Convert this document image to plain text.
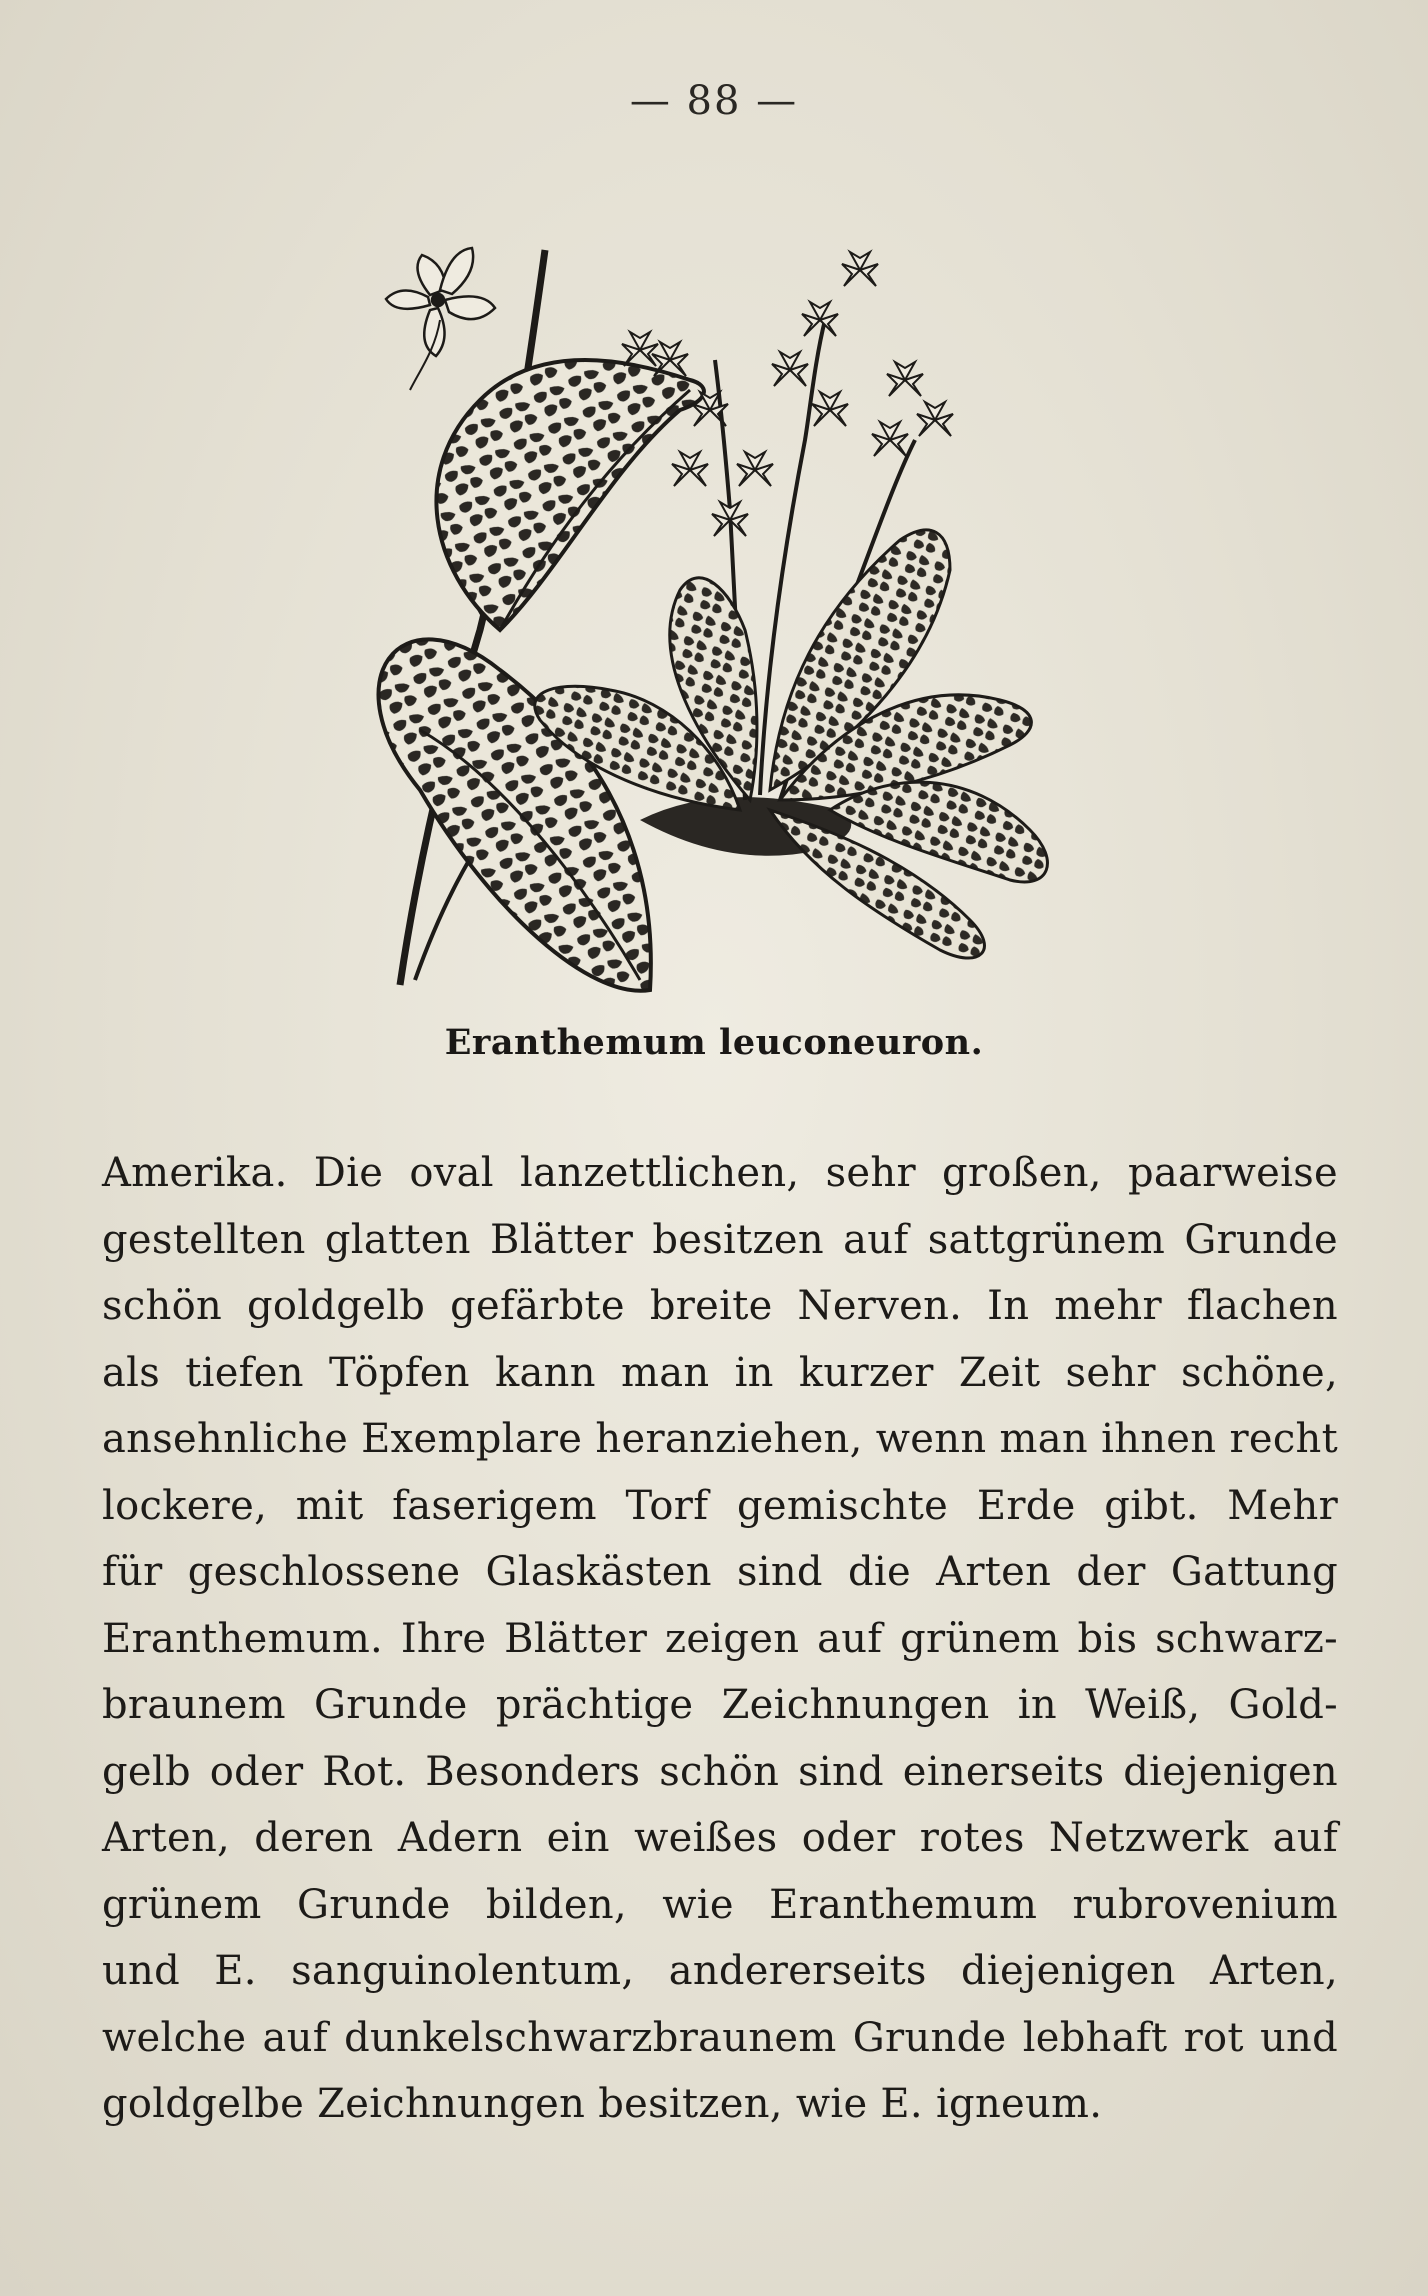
— 88 —
Eranthemum leuconeuron.
Amerika. Die oval lanzettlichen, sehr großen, paarweise
gestellten glatten Blätter besitzen auf sattgrünem Grunde
schön goldgelb gefärbte breite Nerven. In mehr flachen
als tiefen Töpfen kann man in kurzer Zeit sehr schöne,
ansehnliche Exemplare heranziehen, wenn man ihnen recht
lockere, mit faserigem Torf gemischte Erde gibt. Mehr
für geschlossene Glaskästen sind die Arten der Gattung
Eranthemum. Ihre Blätter zeigen auf grünem bis schwarz-
braunem Grunde prächtige Zeichnungen in Weiß, Gold-
gelb oder Rot. Besonders schön sind einerseits diejenigen
Arten, deren Adern ein weißes oder rotes Netzwerk auf
grünem Grunde bilden, wie Eranthemum rubrovenium
und E. sanguinolentum, andererseits diejenigen Arten,
welche auf dunkelschwarzbraunem Grunde lebhaft rot und
goldgelbe Zeichnungen besitzen, wie E. igneum.
